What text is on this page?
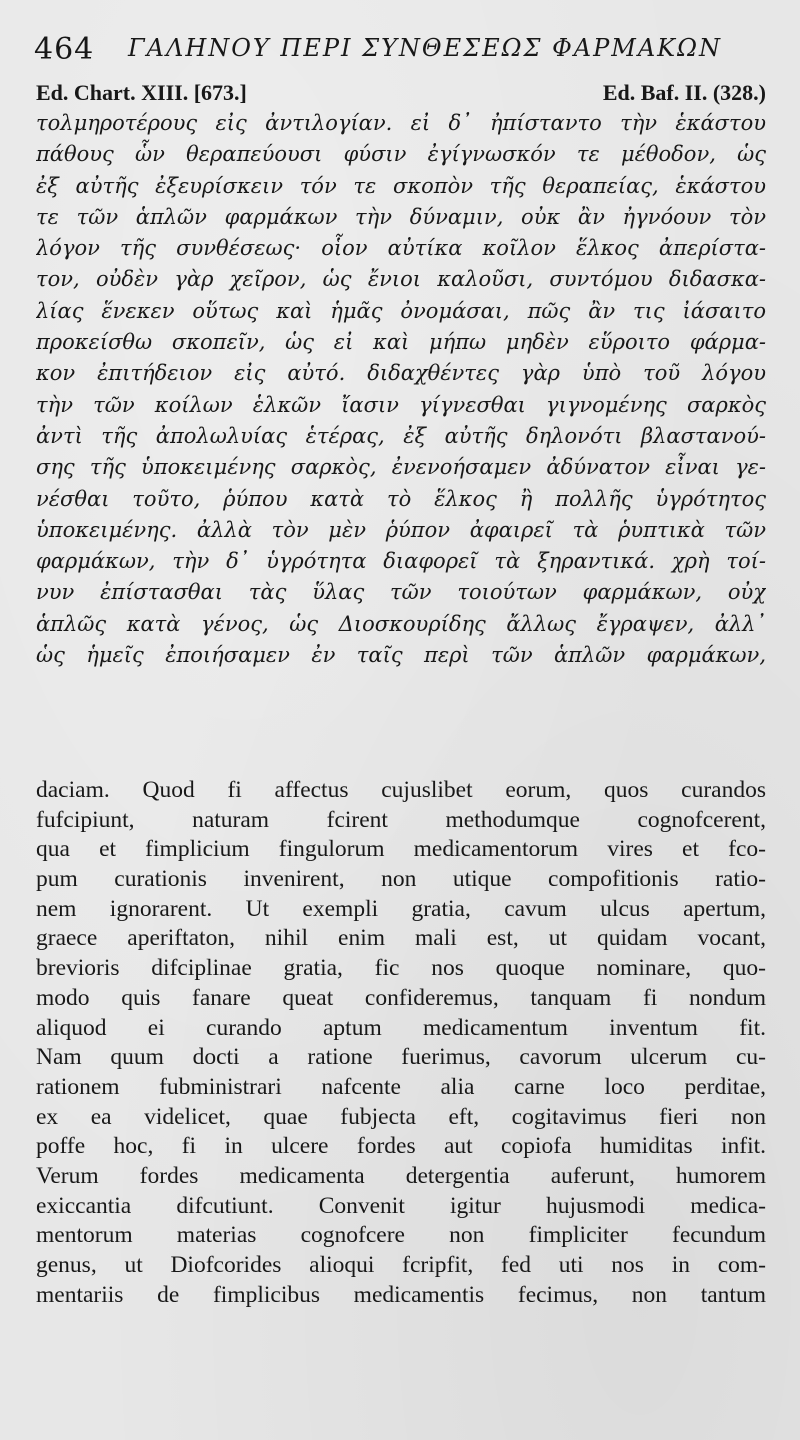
464 ΓΑΛΗΝΟΥ ΠΕΡΙ ΣΥΝΘΕΣΕΩΣ ΦΑΡΜΑΚΩΝ
Ed. Chart. XIII. [673.]	Ed. Baf. II. (328.)
τολμηροτέρους εἰς ἀντιλογίαν. εἰ δ᾽ ἠπίσταντο τὴν ἑκάστου
πάθους ὧν θεραπεύουσι φύσιν ἐγίγνωσκόν τε μέθοδον, ὡς
ἐξ αὐτῆς ἐξευρίσκειν τόν τε σκοπὸν τῆς θεραπείας, ἑκάστου
τε τῶν ἁπλῶν φαρμάκων τὴν δύναμιν, οὐκ ἂν ἠγνόουν τὸν
λόγον τῆς συνθέσεως· οἷον αὐτίκα κοῖλον ἕλκος ἀπερίστα-
τον, οὐδὲν γὰρ χεῖρον, ὡς ἔνιοι καλοῦσι, συντόμου διδασκα-
λίας ἕνεκεν οὕτως καὶ ἡμᾶς ὀνομάσαι, πῶς ἂν τις ἰάσαιτο
προκείσθω σκοπεῖν, ὡς εἰ καὶ μήπω μηδὲν εὕροιτο φάρμα-
κον ἐπιτήδειον εἰς αὐτό. διδαχθέντες γὰρ ὑπὸ τοῦ λόγου
τὴν τῶν κοίλων ἑλκῶν ἴασιν γίγνεσθαι γιγνομένης σαρκὸς
ἀντὶ τῆς ἀπολωλυίας ἑτέρας, ἐξ αὐτῆς δηλονότι βλαστανού-
σης τῆς ὑποκειμένης σαρκὸς, ἐνενοήσαμεν ἀδύνατον εἶναι γε-
νέσθαι τοῦτο, ῥύπου κατὰ τὸ ἕλκος ἢ πολλῆς ὑγρότητος
ὑποκειμένης. ἀλλὰ τὸν μὲν ῥύπον ἀφαιρεῖ τὰ ῥυπτικὰ τῶν
φαρμάκων, τὴν δ᾽ ὑγρότητα διαφορεῖ τὰ ξηραντικά. χρὴ τοί-
νυν ἐπίστασθαι τὰς ὕλας τῶν τοιούτων φαρμάκων, οὐχ
ἁπλῶς κατὰ γένος, ὡς Διοσκουρίδης ἄλλως ἔγραψεν, ἀλλ᾽
ὡς ἡμεῖς ἐποιήσαμεν ἐν ταῖς περὶ τῶν ἁπλῶν φαρμάκων,
daciam. Quod fi affectus cujuslibet eorum, quos curandos
fufcipiunt, naturam fcirent methodumque cognofcerent,
qua et fimplicium fingulorum medicamentorum vires et fco-
pum curationis invenirent, non utique compofitionis ratio-
nem ignorarent. Ut exempli gratia, cavum ulcus apertum,
graece aperiftaton, nihil enim mali est, ut quidam vocant,
brevioris difciplinae gratia, fic nos quoque nominare, quo-
modo quis fanare queat confideremus, tanquam fi nondum
aliquod ei curando aptum medicamentum inventum fit.
Nam quum docti a ratione fuerimus, cavorum ulcerum cu-
rationem fubministrari nafcente alia carne loco perditae,
ex ea videlicet, quae fubjecta eft, cogitavimus fieri non
poffe hoc, fi in ulcere fordes aut copiofa humiditas infit.
Verum fordes medicamenta detergentia auferunt, humorem
exiccantia difcutiunt. Convenit igitur hujusmodi medica-
mentorum materias cognofcere non fimpliciter fecundum
genus, ut Diofcorides alioqui fcripfit, fed uti nos in com-
mentariis de fimplicibus medicamentis fecimus, non tantum
